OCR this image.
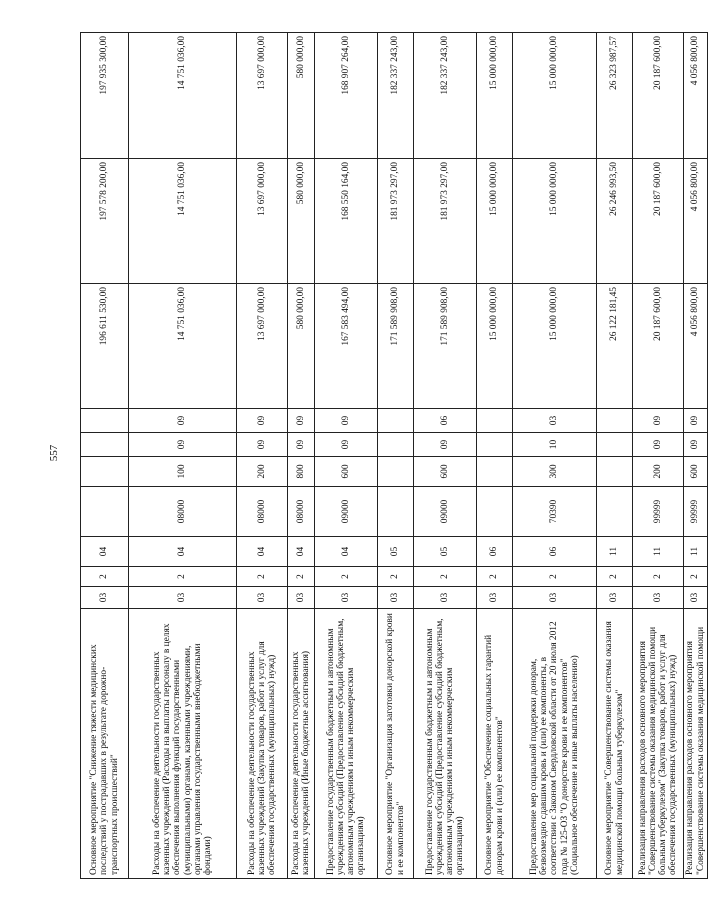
557
Основное мероприятие "Снижение тяжести медицинских последствий у пострадавших в результате дорожно-транспортных происшествий"	03	2	04					196 611 530,00	197 578 200,00	197 935 300,00
Расходы на обеспечение деятельности государственных казенных учреждений (Расходы на выплаты персоналу в целях обеспечения выполнения функций государственными (муниципальными) органами, казенными учреждениями, органами управления государственными внебюджетными фондами)	03	2	04	08000	100	09	09	14 751 036,00	14 751 036,00	14 751 036,00
Расходы на обеспечение деятельности государственных казенных учреждений (Закупка товаров, работ и услуг для обеспечения государственных (муниципальных) нужд)	03	2	04	08000	200	09	09	13 697 000,00	13 697 000,00	13 697 000,00
Расходы на обеспечение деятельности государственных казенных учреждений (Иные бюджетные ассигнования)	03	2	04	08000	800	09	09	580 000,00	580 000,00	580 000,00
Предоставление государственным бюджетным и автономным учреждениям субсидий (Предоставление субсидий бюджетным, автономным учреждениям и иным некоммерческим организациям)	03	2	04	09000	600	09	09	167 583 494,00	168 550 164,00	168 907 264,00
Основное мероприятие "Организация заготовки донорской крови и ее компонентов"	03	2	05					171 589 908,00	181 973 297,00	182 337 243,00
Предоставление государственным бюджетным и автономным учреждениям субсидий (Предоставление субсидий бюджетным, автономным учреждениям и иным некоммерческим организациям)	03	2	05	09000	600	09	06	171 589 908,00	181 973 297,00	182 337 243,00
Основное мероприятие "Обеспечение социальных гарантий донорам крови и (или) ее компонентов"	03	2	06					15 000 000,00	15 000 000,00	15 000 000,00
Предоставление мер социальной поддержки донорам, безвозмездно сдавшим кровь и (или) ее компоненты, в соответствии с Законом Свердловской области от 20 июля 2012 года № 125-ОЗ "О донорстве крови и ее компонентов" (Социальное обеспечение и иные выплаты населению)	03	2	06	70390	300	10	03	15 000 000,00	15 000 000,00	15 000 000,00
Основное мероприятие "Совершенствование системы оказания медицинской помощи больным туберкулезом"	03	2	11					26 122 181,45	26 246 993,50	26 323 987,57
Реализация направления расходов основного мероприятия "Совершенствование системы оказания медицинской помощи больным туберкулезом" (Закупка товаров, работ и услуг для обеспечения государственных (муниципальных) нужд)	03	2	11	99999	200	09	09	20 187 600,00	20 187 600,00	20 187 600,00
Реализация направления расходов основного мероприятия "Совершенствование системы оказания медицинской помощи	03	2	11	99999	600	09	09	4 056 800,00	4 056 800,00	4 056 800,00
